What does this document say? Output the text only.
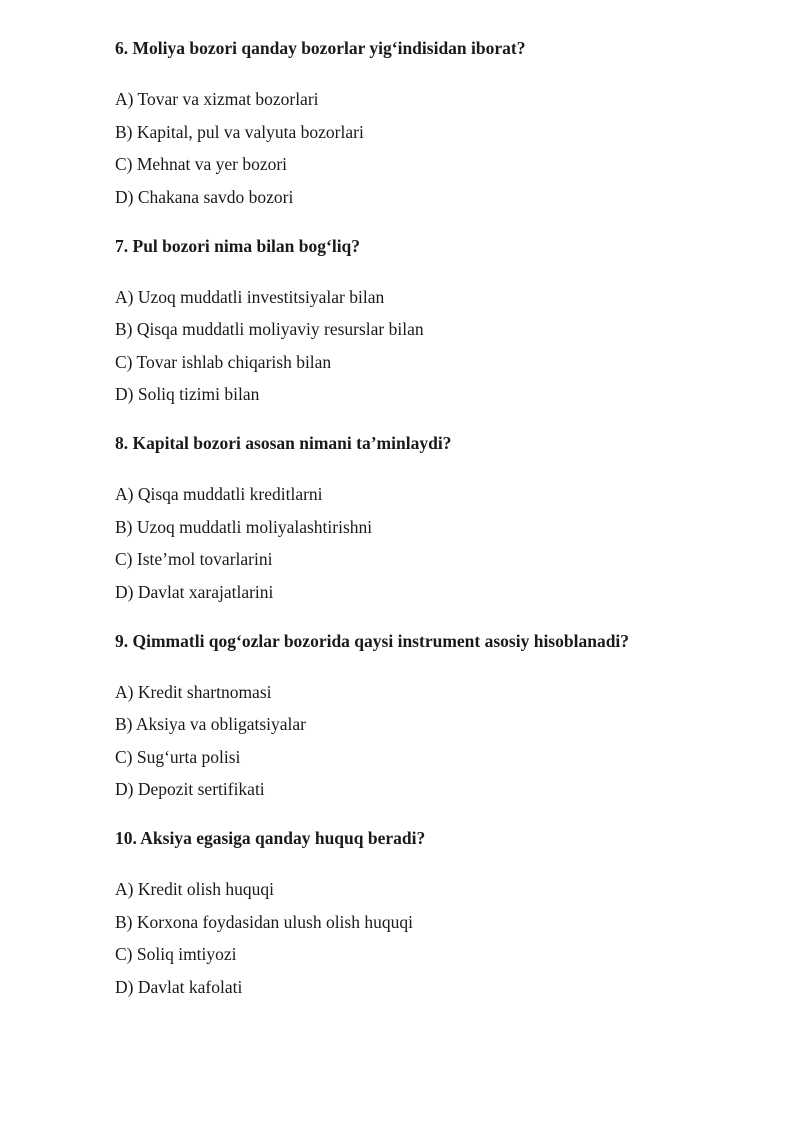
6. Moliya bozori qanday bozorlar yig‘indisidan iborat?

A) Tovar va xizmat bozorlari
B) Kapital, pul va valyuta bozorlari
C) Mehnat va yer bozori
D) Chakana savdo bozori

7. Pul bozori nima bilan bog‘liq?

A) Uzoq muddatli investitsiyalar bilan
B) Qisqa muddatli moliyaviy resurslar bilan
C) Tovar ishlab chiqarish bilan
D) Soliq tizimi bilan

8. Kapital bozori asosan nimani ta’minlaydi?

A) Qisqa muddatli kreditlarni
B) Uzoq muddatli moliyalashtirishni
C) Iste’mol tovarlarini
D) Davlat xarajatlarini

9. Qimmatli qog‘ozlar bozorida qaysi instrument asosiy hisoblanadi?

A) Kredit shartnomasi
B) Aksiya va obligatsiyalar
C) Sug‘urta polisi
D) Depozit sertifikati

10. Aksiya egasiga qanday huquq beradi?

A) Kredit olish huquqi
B) Korxona foydasidan ulush olish huquqi
C) Soliq imtiyozi
D) Davlat kafolati
